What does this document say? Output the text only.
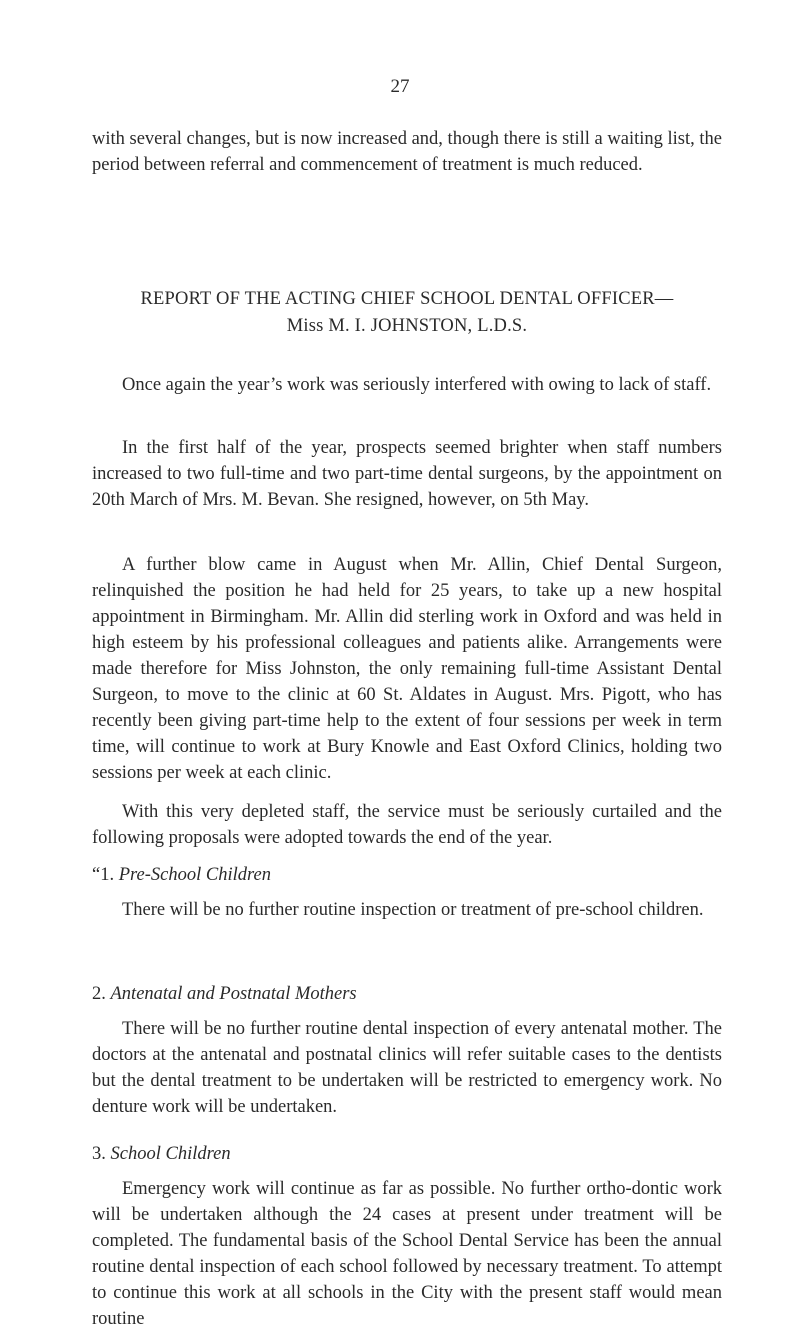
27

with several changes, but is now increased and, though there is still a waiting list, the period between referral and commencement of treatment is much reduced.

REPORT OF THE ACTING CHIEF SCHOOL DENTAL OFFICER—

Miss M. I. JOHNSTON, L.D.S.

Once again the year’s work was seriously interfered with owing to lack of staff.

In the first half of the year, prospects seemed brighter when staff numbers increased to two full-time and two part-time dental surgeons, by the appointment on 20th March of Mrs. M. Bevan. She resigned, however, on 5th May.

A further blow came in August when Mr. Allin, Chief Dental Surgeon, relinquished the position he had held for 25 years, to take up a new hospital appointment in Birmingham. Mr. Allin did sterling work in Oxford and was held in high esteem by his professional colleagues and patients alike. Arrangements were made therefore for Miss Johnston, the only remaining full-time Assistant Dental Surgeon, to move to the clinic at 60 St. Aldates in August. Mrs. Pigott, who has recently been giving part-time help to the extent of four sessions per week in term time, will continue to work at Bury Knowle and East Oxford Clinics, holding two sessions per week at each clinic.

With this very depleted staff, the service must be seriously curtailed and the following proposals were adopted towards the end of the year.

“1. Pre-School Children

There will be no further routine inspection or treatment of pre-school children.

2. Antenatal and Postnatal Mothers

There will be no further routine dental inspection of every antenatal mother. The doctors at the antenatal and postnatal clinics will refer suitable cases to the dentists but the dental treatment to be undertaken will be restricted to emergency work. No denture work will be undertaken.

3. School Children

Emergency work will continue as far as possible. No further ortho-dontic work will be undertaken although the 24 cases at present under treatment will be completed. The fundamental basis of the School Dental Service has been the annual routine dental inspection of each school followed by necessary treatment. To attempt to continue this work at all schools in the City with the present staff would mean routine
